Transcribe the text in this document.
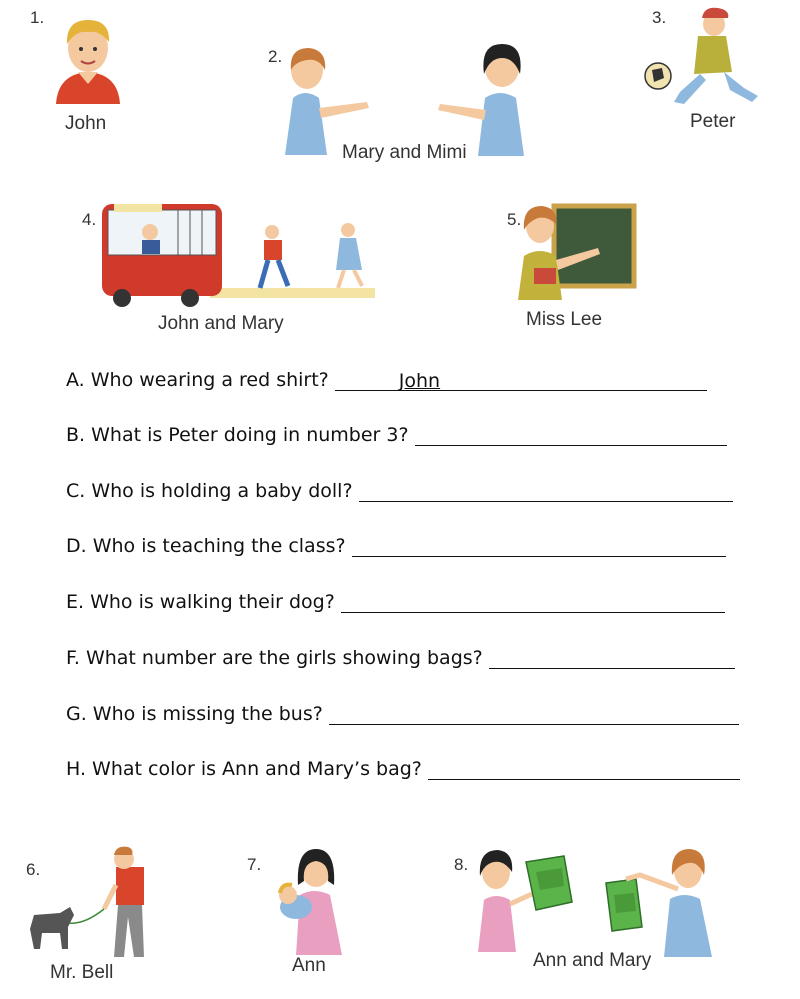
1.
John
2.
Mary and Mimi
3.
Peter
4.
John and Mary
5.
Miss Lee
A. Who wearing a red shirt?	John
B. What is Peter doing in number 3?
C. Who is holding a baby doll?
D. Who is teaching the class?
E. Who is walking their dog?
F. What number are the girls showing bags?
G. Who is missing the bus?
H. What color is Ann and Mary’s bag?
6.
Mr. Bell
7.
Ann
8.
Ann and Mary
